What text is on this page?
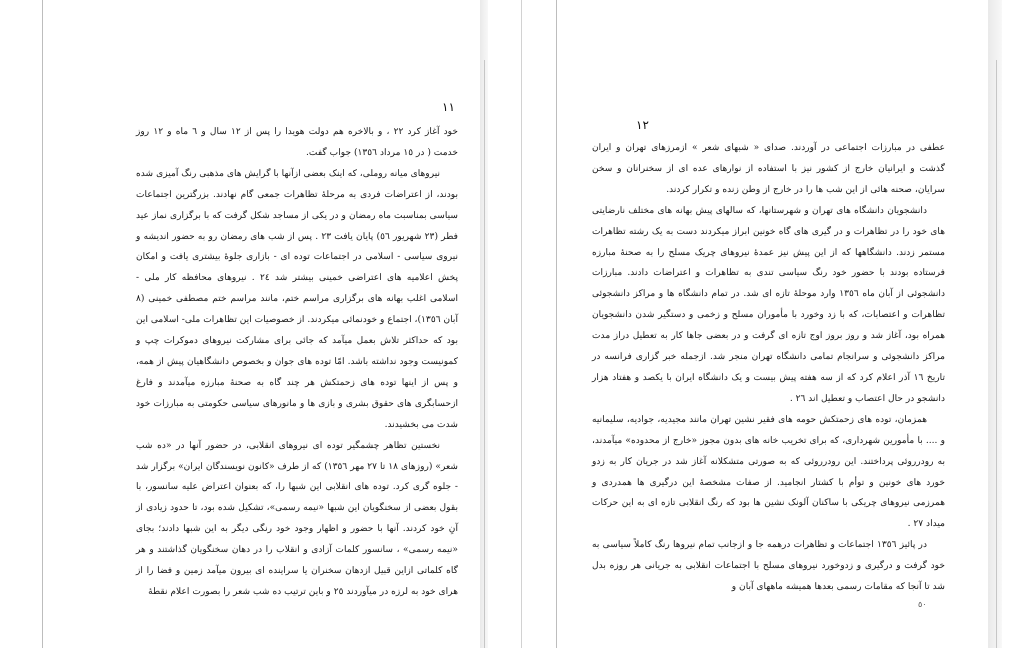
١١
١٢

خود آغاز کرد ٢٢ ، و بالاخره هم دولت هویدا را پس از ١٢ سال و ٦ ماه و ١٢ روز خدمت ( در ١٥ مرداد ١٣٥٦) جواب گفت.

نیروهای میانه روملی، که اینک بعضی ازآنها با گرایش های مذهبی رنگ آمیزی شده بودند، از اعتراضات فردی به مرحلهٔ تظاهرات جمعی گام نهادند. بزرگترین اجتماعات سیاسی بمناسبت ماه رمضان و در یکی از مساجد شکل گرفت که با برگزاری نماز عید فطر (٢٣ شهریور ٥٦) پایان یافت ٢٣ . پس از شب های رمضان رو به حضور اندیشه و نیروی سیاسی - اسلامی در اجتماعات توده ای - بازاری جلوهٔ بیشتری یافت و امکان پخش اعلامیه های اعتراضی خمینی بیشتر شد ٢٤ . نیروهای محافظه کار ملی - اسلامی اغلب بهانه های برگزاری مراسم ختم، مانند مراسم ختم مصطفی خمینی (٨ آبان ١٣٥٦)، اجتماع و خودنمائی میکردند. از خصوصیات این تظاهرات ملی- اسلامی این بود که حداکثر تلاش بعمل میآمد که جائی برای مشارکت نیروهای دموکرات چپ و کمونیست وجود نداشته باشد. امّا توده های جوان و بخصوص دانشگاهیان پیش از همه، و پس از اینها توده های زحمتکش هر چند گاه به صحنهٔ مبارزه میآمدند و فارغ ازحسابگری های حقوق بشری و بازی ها و مانورهای سیاسی حکومتی به مبارزات خود شدت می بخشیدند.

نخستین تظاهر چشمگیر توده ای نیروهای انقلابی، در حضور آنها در «ده شب شعر» (روزهای ١٨ تا ٢٧ مهر ١٣٥٦) که از طرف «کانون نویسندگان ایران» برگزار شد - جلوه گری کرد. توده های انقلابی این شبها را، که بعنوان اعتراض علیه سانسور، با بقول بعضی از سخنگویان این شبها «نیمه رسمی»، تشکیل شده بود، تا حدود زیادی از آنِ خود کردند. آنها با حضور و اظهار وجود خود رنگی دیگر به این شبها دادند؛ بجای «نیمه رسمی» ، سانسور کلمات آزادی و انقلاب را در دهان سخنگویان گذاشتند و هر گاه کلماتی ازاین قبیل ازدهان سخنران یا سراینده ای بیرون میآمد زمین و فضا را از هرای خود به لرزه در میآوردند ٢٥ و باین ترتیب ده شب شعر را بصورت اعلام نقطهٔ

عطفی در مبارزات اجتماعی در آوردند. صدای « شبهای شعر » ازمرزهای تهران و ایران گذشت و ایرانیان خارج از کشور نیز با استفاده از نوارهای عده ای از سخنرانان و سخن سرایان، صحنه هائی از این شب ها را در خارج از وطن زنده و تکرار کردند.

دانشجویان دانشگاه های تهران و شهرستانها، که سالهای پیش بهانه های مختلف نارضایتی های خود را در تظاهرات و در گیری های گاه خونین ابراز میکردند دست به یک رشته تظاهرات مستمر زدند. دانشگاهها که از این پیش نیز عمدهٔ نیروهای چریک مسلح را به صحنهٔ مبارزه فرستاده بودند با حضور خود رنگ سیاسی تندی به تظاهرات و اعتراضات دادند. مبارزات دانشجوئی از آبان ماه ١٣٥٦ وارد موحلهٔ تازه ای شد. در تمام دانشگاه ها و مراکز دانشجوئی تظاهرات و اعتصابات، که با زد وخورد با مأموران مسلح و زخمی و دستگیر شدن دانشجویان همراه بود، آغاز شد و روز بروز اوج تازه ای گرفت و در بعضی جاها کار به تعطیل دراز مدت مراکز دانشجوئی و سرانجام تمامی دانشگاه تهران منجر شد. ازجمله خبر گزاری فرانسه در تاریخ ١٦ آذر اعلام کرد که از سه هفته پیش بیست و یک دانشگاه ایران با یکصد و هفتاد هزار دانشجو در حال اعتصاب و تعطیل اند ٢٦ .

همزمان، توده های زحمتکش حومه های فقیر نشین تهران مانند مجیدیه، جوادیه، سلیمانیه و .... با مأمورین شهرداری، که برای تخریب خانه های بدون مجوز «خارج از محدوده» میآمدند، به رودرروئی پرداختند. این رودرروئی که به صورتی متشکلانه آغاز شد در جریان کار به زدو خورد های خونین و توأم با کشتار انجامید. از صفات مشخصهٔ این درگیری ها همدردی و همرزمی نیروهای چریکی با ساکنان آلونک نشین ها بود که رنگ انقلابی تازه ای به این حرکات میداد ٢٧ .

در پائیز ١٣٥٦ اجتماعات و تظاهرات درهمه جا و ازجانب تمام نیروها رنگ کاملاً سیاسی به خود گرفت و درگیری و زدوخورد نیروهای مسلح با اجتماعات انقلابی به جریانی هر روزه بدل شد تا آنجا که مقامات رسمی بعدها همیشه ماههای آبان و

٥٠
